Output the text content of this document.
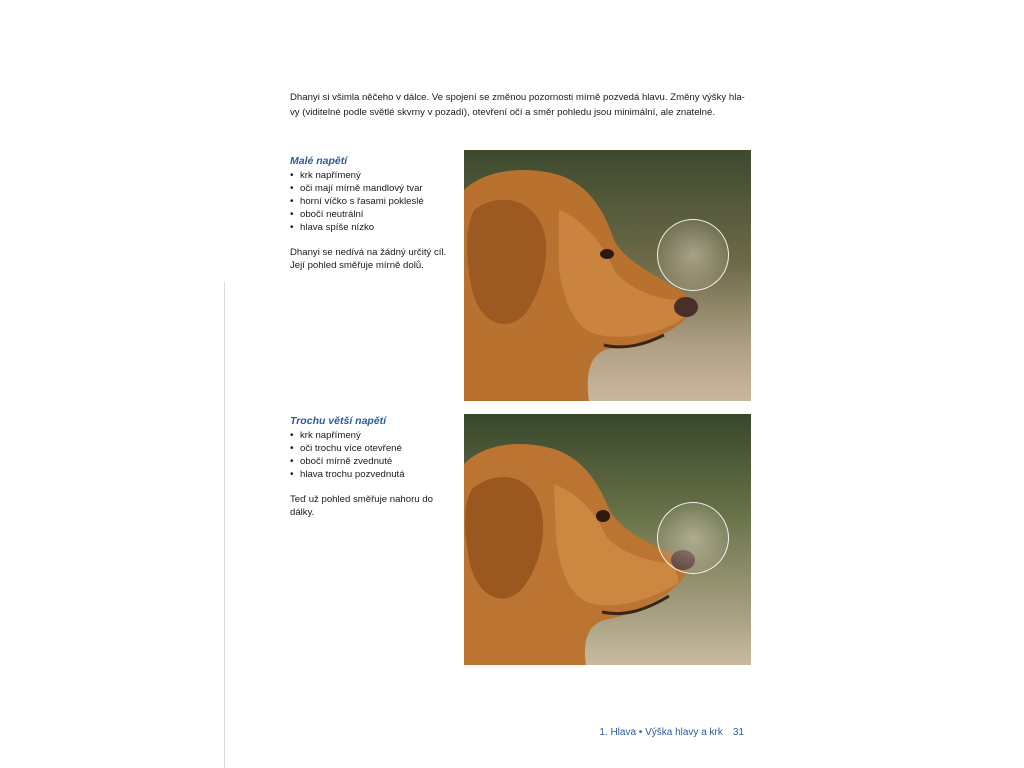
Dhanyi si všimla něčeho v dálce. Ve spojení se změnou pozornosti mírně pozvedá hlavu. Změny výšky hla-
vy (viditelné podle světlé skvrny v pozadí), otevření očí a směr pohledu jsou minimální, ale znatelné.

Malé napětí
• krk napřímený
• oči mají mírně mandlový tvar
• horní víčko s řasami pokleslé
• obočí neutrální
• hlava spíše nízko

Dhanyi se nedívá na žádný určitý cíl.
Její pohled směřuje mírně dolů.

Trochu větší napětí
• krk napřímený
• oči trochu více otevřené
• obočí mírně zvednuté
• hlava trochu pozvednutá

Teď už pohled směřuje nahoru do
dálky.

1. Hlava • Výška hlavy a krk 31
